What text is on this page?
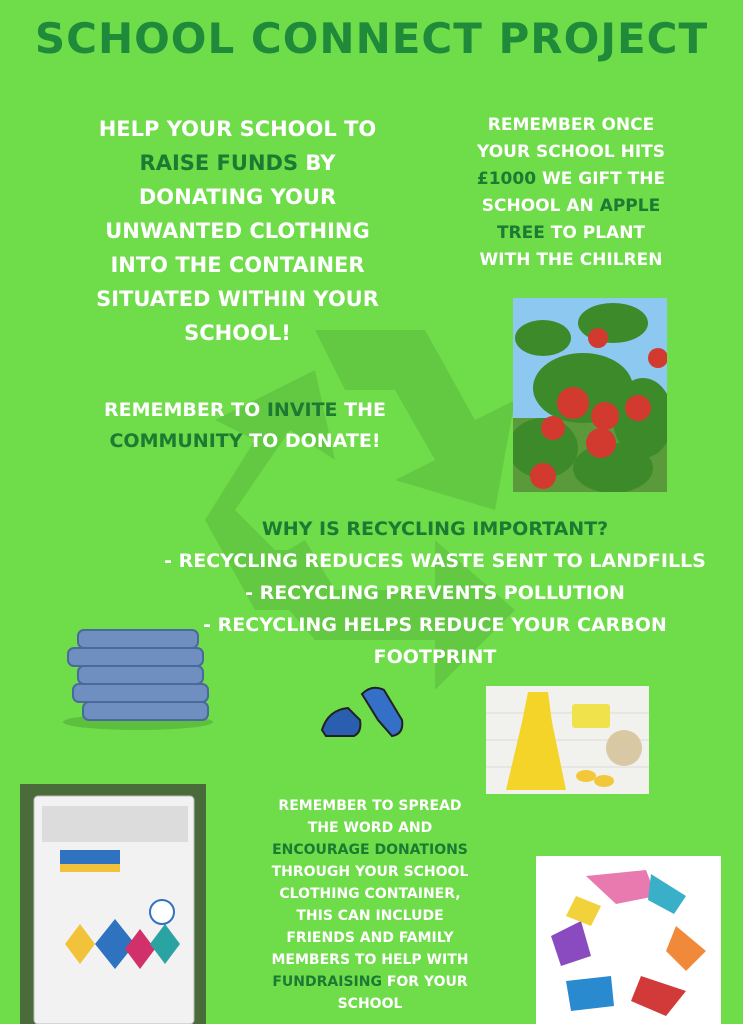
SCHOOL CONNECT PROJECT
HELP YOUR SCHOOL TO
RAISE FUNDS BY
DONATING YOUR
UNWANTED CLOTHING
INTO THE CONTAINER
SITUATED WITHIN YOUR
SCHOOL!
REMEMBER ONCE
YOUR SCHOOL HITS
£1000 WE GIFT THE
SCHOOL AN APPLE
TREE TO PLANT
WITH THE CHILREN
REMEMBER TO INVITE THE
COMMUNITY TO DONATE!
WHY IS RECYCLING IMPORTANT?
- RECYCLING REDUCES WASTE SENT TO LANDFILLS
- RECYCLING PREVENTS POLLUTION
- RECYCLING HELPS REDUCE YOUR CARBON
FOOTPRINT
REMEMBER TO SPREAD
THE WORD AND
ENCOURAGE DONATIONS
THROUGH YOUR SCHOOL
CLOTHING CONTAINER,
THIS CAN INCLUDE
FRIENDS AND FAMILY
MEMBERS TO HELP WITH
FUNDRAISING FOR YOUR
SCHOOL
